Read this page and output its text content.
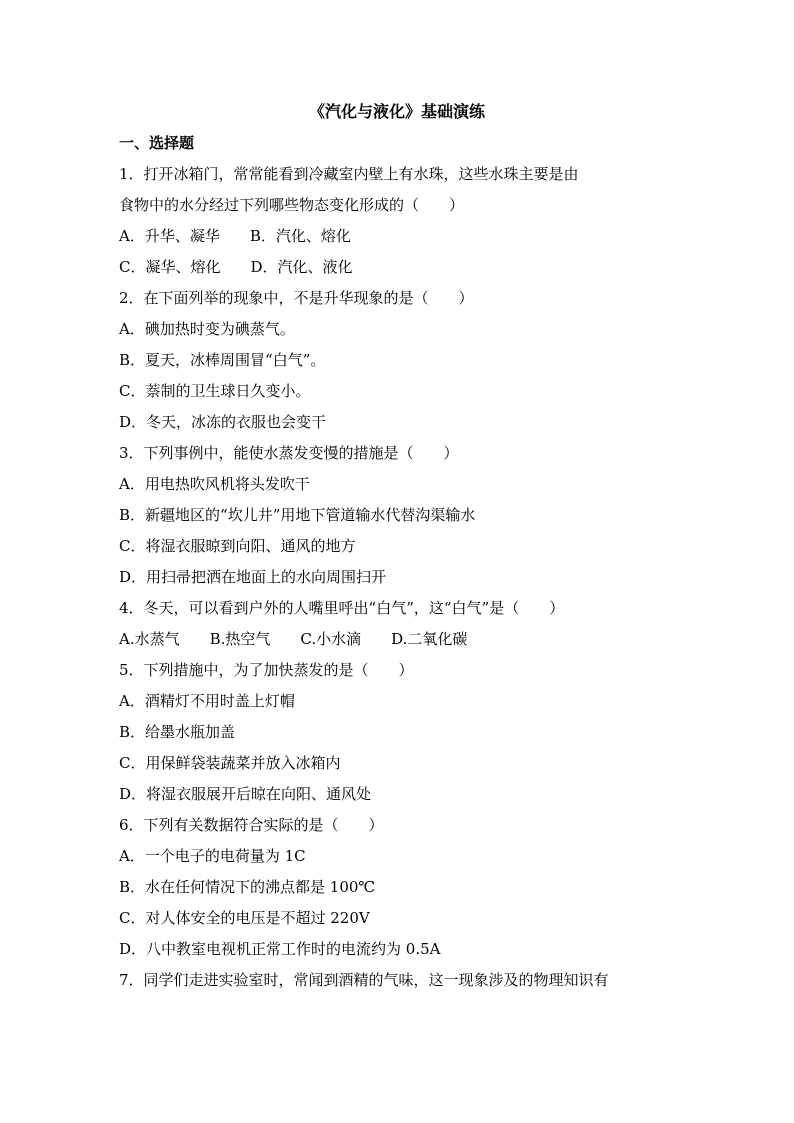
《汽化与液化》基础演练
一、选择题
1．打开冰箱门，常常能看到冷藏室内壁上有水珠，这些水珠主要是由
食物中的水分经过下列哪些物态变化形成的（　　）
A．升华、凝华　　B．汽化、熔化
C．凝华、熔化　　D．汽化、液化
2．在下面列举的现象中，不是升华现象的是（　　）
A．碘加热时变为碘蒸气。
B．夏天，冰棒周围冒“白气”。
C．萘制的卫生球日久变小。
D．冬天，冰冻的衣服也会变干
3．下列事例中，能使水蒸发变慢的措施是（　　）
A．用电热吹风机将头发吹干
B．新疆地区的“坎儿井”用地下管道输水代替沟渠输水
C．将湿衣服晾到向阳、通风的地方
D．用扫帚把洒在地面上的水向周围扫开
4．冬天，可以看到户外的人嘴里呼出“白气”，这“白气”是（　　）
A.水蒸气　　B.热空气　　C.小水滴　　D.二氧化碳
5．下列措施中，为了加快蒸发的是（　　）
A．酒精灯不用时盖上灯帽
B．给墨水瓶加盖
C．用保鲜袋装蔬菜并放入冰箱内
D．将湿衣服展开后晾在向阳、通风处
6．下列有关数据符合实际的是（　　）
A．一个电子的电荷量为 1C
B．水在任何情况下的沸点都是 100℃
C．对人体安全的电压是不超过 220V
D．八中教室电视机正常工作时的电流约为 0.5A
7．同学们走进实验室时，常闻到酒精的气味，这一现象涉及的物理知识有
